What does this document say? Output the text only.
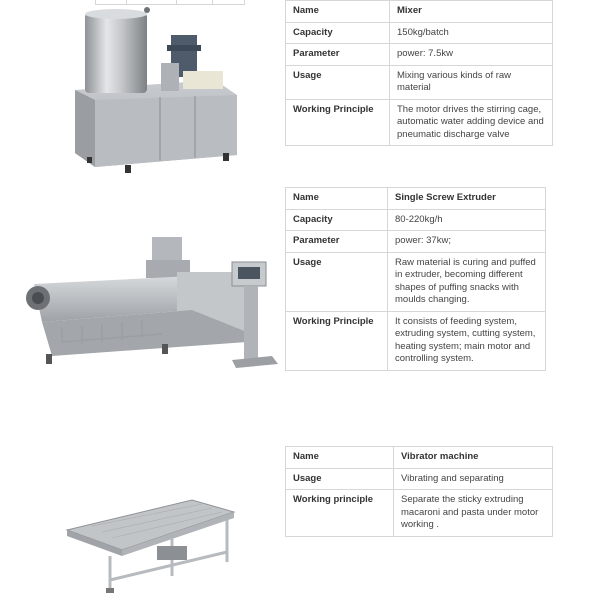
Name	Mixer
Capacity	150kg/batch
Parameter	power: 7.5kw
Usage	Mixing various kinds of raw material
Working Principle	The motor drives the stirring cage, automatic water adding device and pneumatic discharge valve
Name	Single Screw Extruder
Capacity	80-220kg/h
Parameter	power: 37kw;
Usage	Raw material is curing and puffed in extruder, becoming different shapes of puffing snacks with moulds changing.
Working Principle	It consists of feeding system, extruding system, cutting system, heating system; main motor and controlling system.
Name	Vibrator machine
Usage	Vibrating and separating
Working principle	Separate the sticky extruding macaroni and pasta under motor working .
